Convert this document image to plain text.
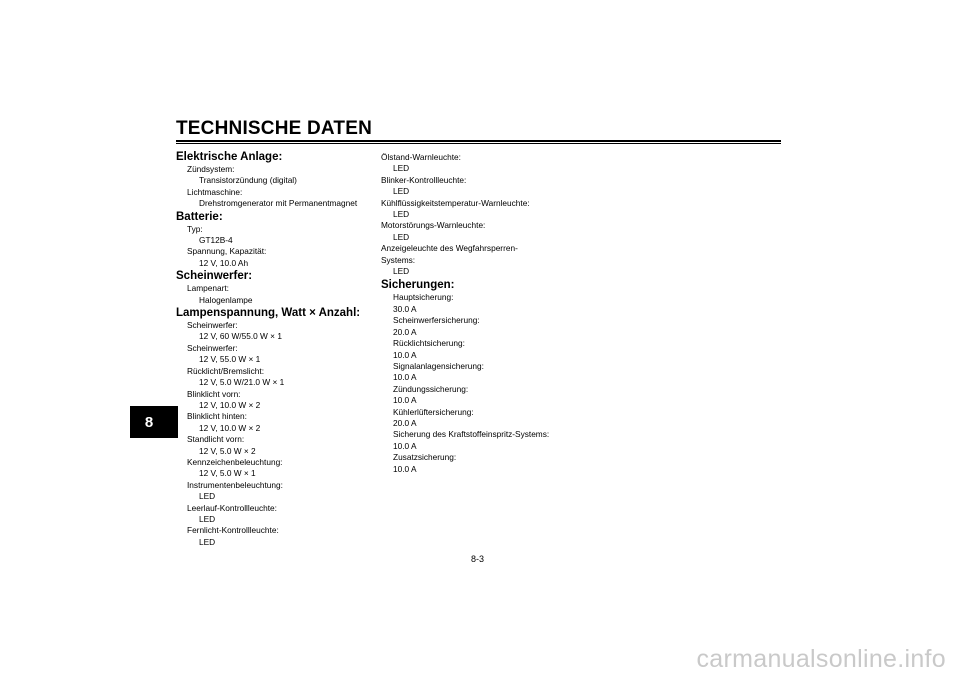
TECHNISCHE DATEN
8
Elektrische Anlage:
Zündsystem:
Transistorzündung (digital)
Lichtmaschine:
Drehstromgenerator mit Permanentmagnet
Batterie:
Typ:
GT12B-4
Spannung, Kapazität:
12 V, 10.0 Ah
Scheinwerfer:
Lampenart:
Halogenlampe
Lampenspannung, Watt × Anzahl:
Scheinwerfer:
12 V, 60 W/55.0 W × 1
Scheinwerfer:
12 V, 55.0 W × 1
Rücklicht/Bremslicht:
12 V, 5.0 W/21.0 W × 1
Blinklicht vorn:
12 V, 10.0 W × 2
Blinklicht hinten:
12 V, 10.0 W × 2
Standlicht vorn:
12 V, 5.0 W × 2
Kennzeichenbeleuchtung:
12 V, 5.0 W × 1
Instrumentenbeleuchtung:
LED
Leerlauf-Kontrollleuchte:
LED
Fernlicht-Kontrollleuchte:
LED
Ölstand-Warnleuchte:
LED
Blinker-Kontrollleuchte:
LED
Kühlflüssigkeitstemperatur-Warnleuchte:
LED
Motorstörungs-Warnleuchte:
LED
Anzeigeleuchte des Wegfahrsperren-
Systems:
LED
Sicherungen:
Hauptsicherung:
30.0 A
Scheinwerfersicherung:
20.0 A
Rücklichtsicherung:
10.0 A
Signalanlagensicherung:
10.0 A
Zündungssicherung:
10.0 A
Kühlerlüftersicherung:
20.0 A
Sicherung des Kraftstoffeinspritz-Systems:
10.0 A
Zusatzsicherung:
10.0 A
8-3
carmanualsonline.info
